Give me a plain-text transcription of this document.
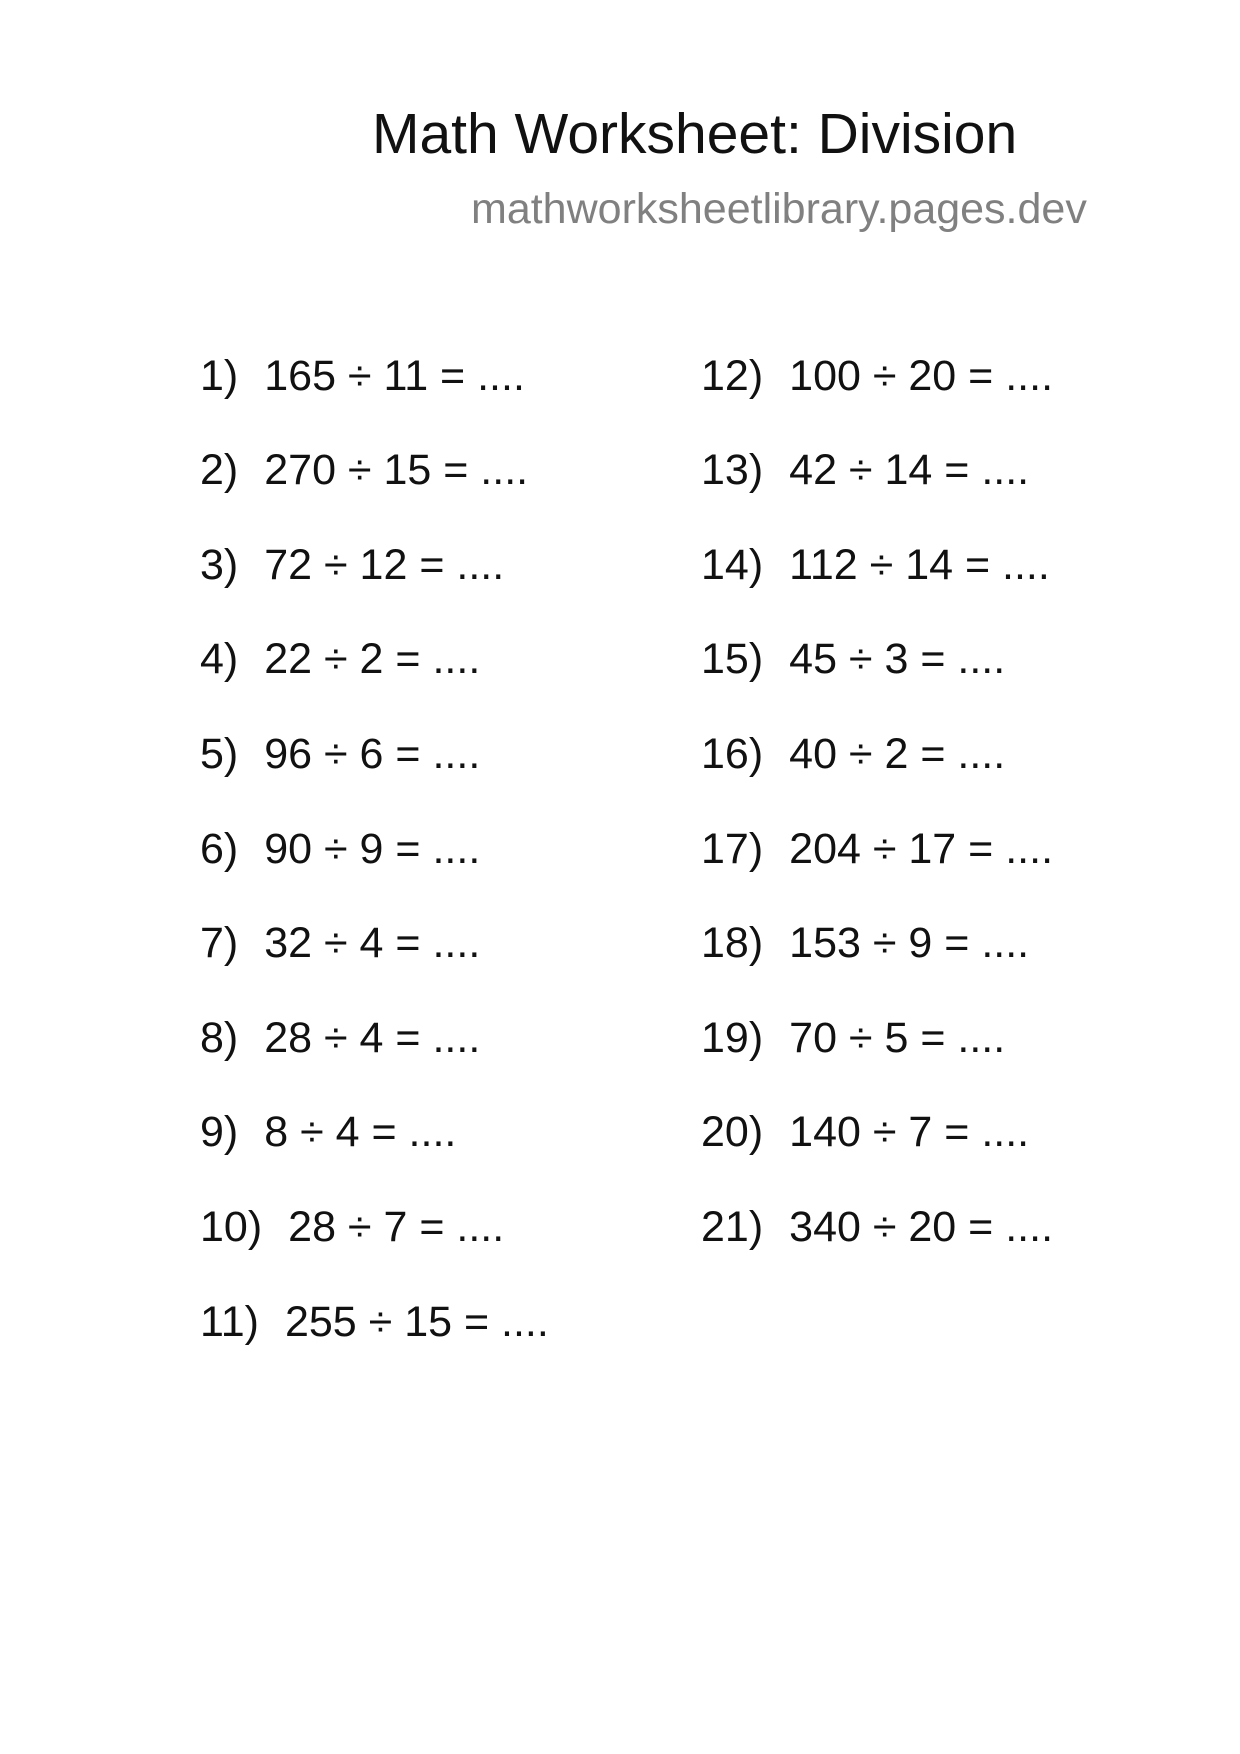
Math Worksheet: Division
mathworksheetlibrary.pages.dev
1) 165 ÷ 11 = ....
2) 270 ÷ 15 = ....
3) 72 ÷ 12 = ....
4) 22 ÷ 2 = ....
5) 96 ÷ 6 = ....
6) 90 ÷ 9 = ....
7) 32 ÷ 4 = ....
8) 28 ÷ 4 = ....
9) 8 ÷ 4 = ....
10) 28 ÷ 7 = ....
11) 255 ÷ 15 = ....
12) 100 ÷ 20 = ....
13) 42 ÷ 14 = ....
14) 112 ÷ 14 = ....
15) 45 ÷ 3 = ....
16) 40 ÷ 2 = ....
17) 204 ÷ 17 = ....
18) 153 ÷ 9 = ....
19) 70 ÷ 5 = ....
20) 140 ÷ 7 = ....
21) 340 ÷ 20 = ....
